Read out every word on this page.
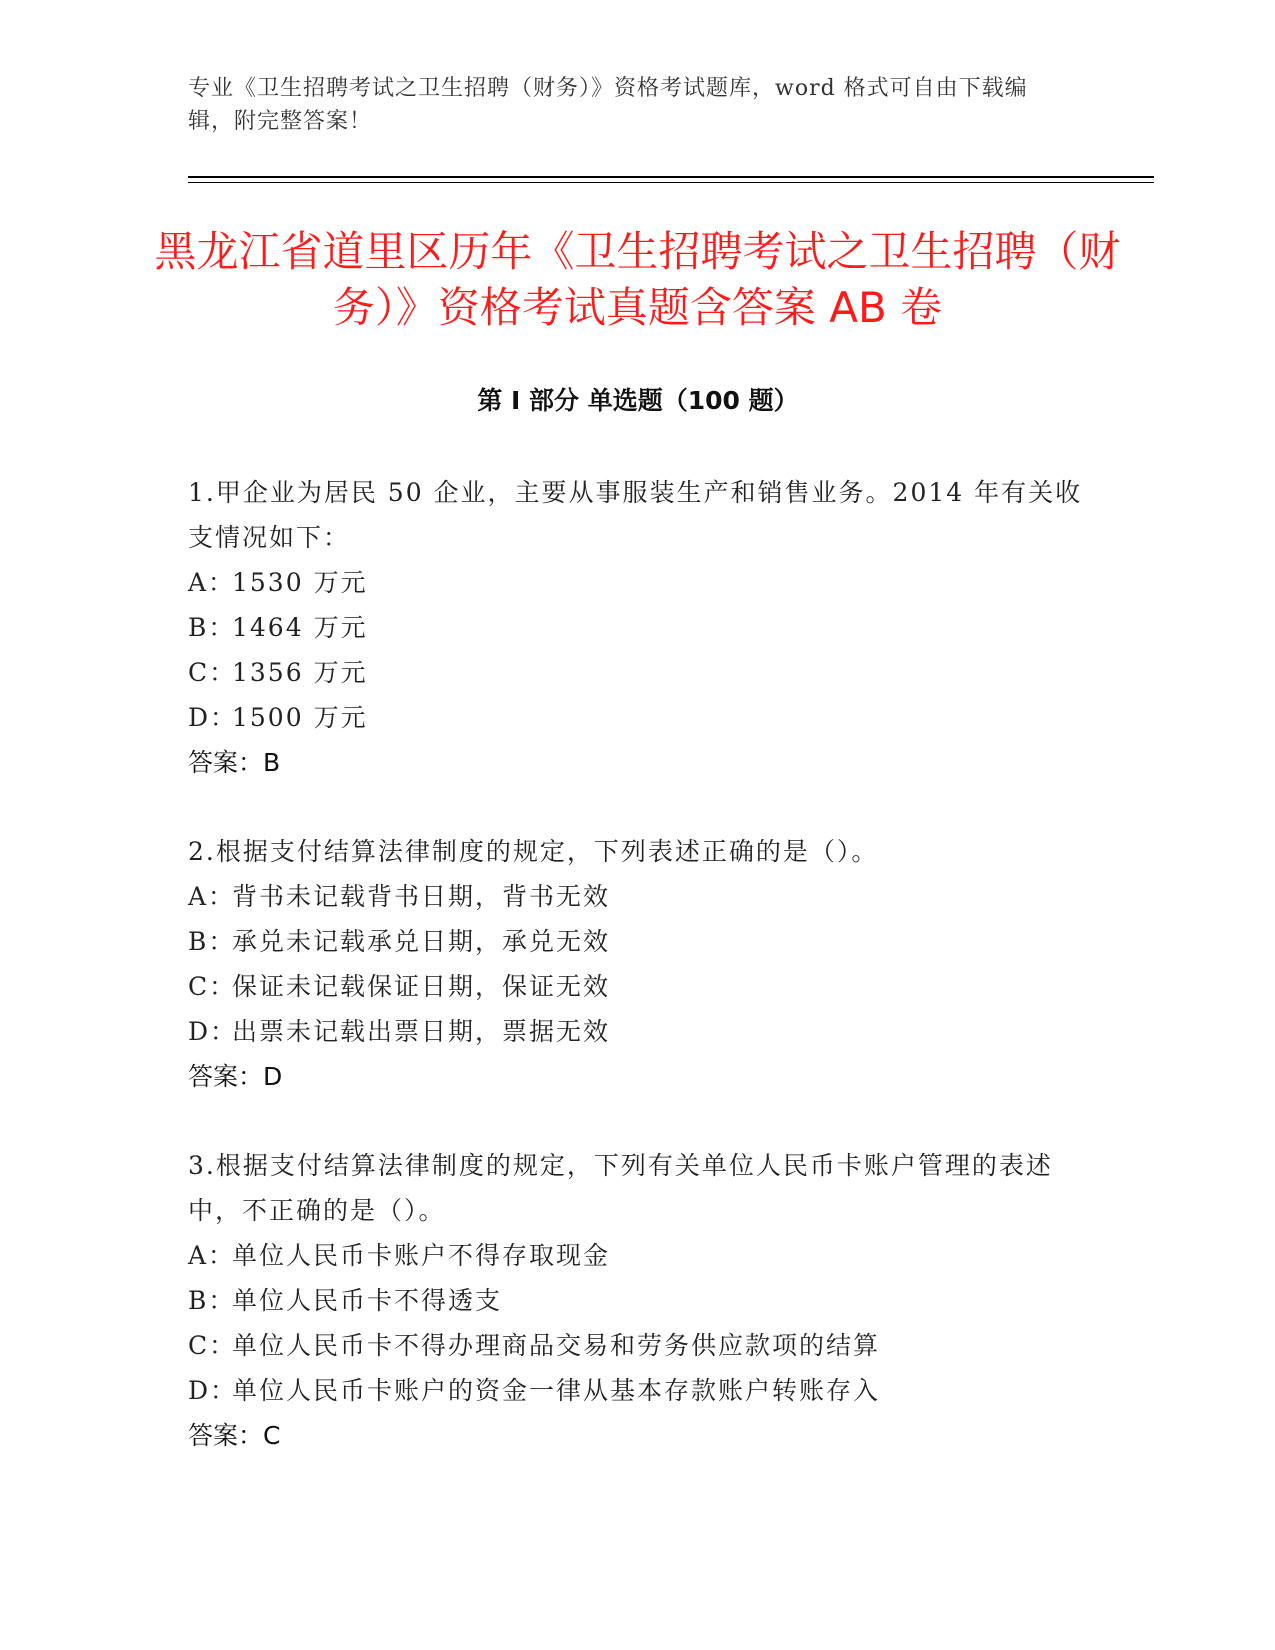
专业《卫生招聘考试之卫生招聘（财务）》资格考试题库，word 格式可自由下载编辑，附完整答案！
黑龙江省道里区历年《卫生招聘考试之卫生招聘（财务）》资格考试真题含答案 AB 卷
第 I 部分 单选题（100 题）
1.甲企业为居民 50 企业，主要从事服装生产和销售业务。2014 年有关收支情况如下：
A：1530 万元
B：1464 万元
C：1356 万元
D：1500 万元
答案：B
2.根据支付结算法律制度的规定，下列表述正确的是（）。
A：背书未记载背书日期，背书无效
B：承兑未记载承兑日期，承兑无效
C：保证未记载保证日期，保证无效
D：出票未记载出票日期，票据无效
答案：D
3.根据支付结算法律制度的规定，下列有关单位人民币卡账户管理的表述中，不正确的是（）。
A：单位人民币卡账户不得存取现金
B：单位人民币卡不得透支
C：单位人民币卡不得办理商品交易和劳务供应款项的结算
D：单位人民币卡账户的资金一律从基本存款账户转账存入
答案：C
